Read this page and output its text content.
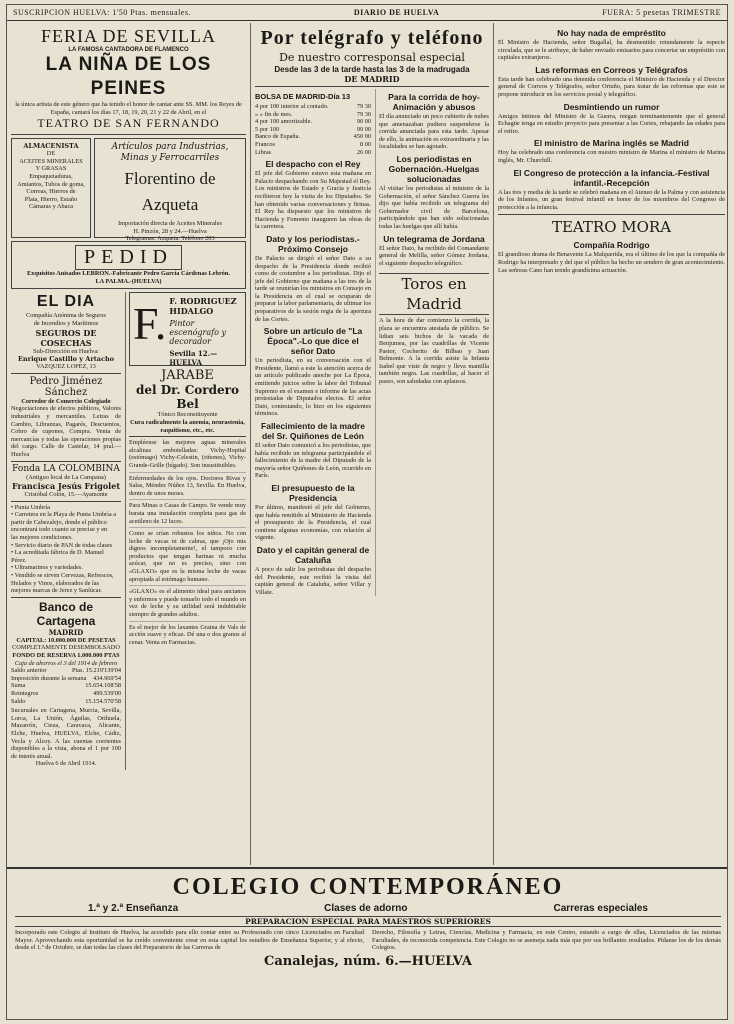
SUSCRIPCION HUELVA: 1'50 Ptas. mensuales.	DIARIO DE HUELVA	FUERA: 5 pesetas TRIMESTRE
FERIA DE SEVILLA
LA FAMOSA CANTADORA DE FLAMENCO
LA NIÑA DE LOS PEINES
la única artista de este género que ha tenido el honor de cantar ante SS. MM. los Reyes de España, cantará los días 17, 18, 19, 20, 21 y 22 de Abril, en el
TEATRO DE SAN FERNANDO
ALMACENISTA
DE
ACEITES MINERALES
Y GRASAS
Empaquetaduras,
Amiantos, Tubos de goma,
Correas, Hierros de
Plata, Hierro, Estaño
Cámaras y Abaca
Artículos para Industrias, Minas y Ferrocarriles
Florentino de Azqueta
Importación directa de Aceites Minerales
H. Pinzón, 28 y 24.—Huelva
Telegramas: Azqueta. Teléfono 203
PEDID
Exquisitos Anisados LEBRON.-Fabricante Pedro García Cárdenas Lebrón.
LA PALMA.-(HUELVA)
EL DIA
Compañía Anónima de Seguros
de Incendios y Marítimos
SEGUROS DE COSECHAS
Sub-Dirección en Huelva:
Enrique Castillo y Artacho
VAZQUEZ LOPEZ, 13
Pedro Jiménez Sánchez
Corredor de Comercio Colegiado
Negociaciones de efectos públicos, Valores industriales y mercantiles. Letras de Cambio, Libranzas, Pagarés, Descuentos, Cobro de cupones, Compra. Venta de mercancías y todas las operaciones propias del cargo. Calle de Castelar, 14 pral.—Huelva
Fonda LA COLOMBINA
(Antiguo local de La Campana)
Francisca Jesús Frigolet
Cristóbal Colón, 15.—Ayamonte
• Punta Umbría
• Carretera en la Playa de Punta Umbría a
partir de Cabezalejo, donde el público
encontrará todo cuanto se precise y en
las mejores condiciones.
• Servicio diario de PAN de todas clases
• La acreditada fábrica de D. Manuel
Pérez.
• Ultramarinos y variedades.
• Vendido se sirven Cervezas, Refrescos,
Helados y Vinos, elaborados de las
mejores marcas de Jerez y Sanlúcar.
Banco de Cartagena
MADRID
CAPITAL: 10.000.000 DE PESETAS
COMPLETAMENTE DESEMBOLSADO
FONDO DE RESERVA 1.000.000 PTAS
Caja de ahorros el 3 del 1914 de febrero
Saldo anterior	Ptas. 15.219'139'04
Imposición durante la semana 434.969'54
Suma	15.654.108'58
Reintegros	499.539'00
Saldo	15.154.570'58
Sucursales en Cartagena, Murcia, Sevilla, Lorca, La Unión, Águilas, Orihuela, Mazarrón, Cieza, Caravaca, Alicante, Elche, Huelva, HUELVA, Elche, Cádiz, Vecla y Alcoy. A las cuentas corrientes disponibles a la vista, abona el 1 por 100 de interés anual.
Huelva 6 de Abril 1914.
F. F. RODRIGUEZ HIDALGO
Pintor escenógrafo y decorador
Sevilla 12.—HUELVA
JARABE
del Dr. Cordero Bel
Tónico Reconstituyente
Cura radicalmente la anemia, neurastenia, raquitismo, etc., etc.
Empléense las mejores aguas minerales alcalinas embotelladas: Vichy-Hopital (estómago) Vichy-Celestin, (riñones), Vichy-Grande-Grille (hígado). Son insustituibles.
Enfermedades de los ojos. Doctores Rivas y Salas, Méndez Núñez 13, Sevilla. En Huelva, dentro de unos meses.
Para Minas o Casas de Campo. Se vende muy barata una instalación completa para gas de acetileno de 12 luces.
Como se crían robustos los niños. No con leche de vacas ni de cabras, que ¡Ojo mis dignos incompletamente!, el tampoco con productos que tengan harinas ni mucha azúcar, que no es preciso, sino con «GLAXO» que es la misma leche de vacas apropiada al estómago humano.
«GLAXO» es el alimento ideal para ancianos y enfermos y puede tomarlo todo el mundo en vez de leche y su utilidad será indubitable siempre de grandes adultos.
Es el mejor de los laxantes Graina de Vals de acción suave y eficaz. Dé una o dos granos al cenar. Venta en Farmacias.
Por telégrafo y teléfono
De nuestro corresponsal especial
Desde las 3 de la tarde hasta las 3 de la madrugada
DE MADRID
BOLSA DE MADRID-Día 13
4 por 100 interior al contado.	79 30
» » fin de mes.	79 30
4 por 100 amortizable.	90 00
5 por 100	99 00
Banco de España.	450 00
Francos	8 00
Libras	26 00
El despacho con el Rey
El jefe del Gobierno estuvo esta mañana en Palacio despachando con Su Majestad el Rey. Los ministros de Estado y Gracia y Justicia recibieron hoy la visita de los Diputados. Se han obtenido varias conversaciones y firmas. El Rey ha dispuesto que los ministros de Hacienda y Fomento inauguren las obras de la carretera.
Dato y los periodistas.-Próximo Consejo
De Palacio se dirigió el señor Dato a su despacho de la Presidencia donde recibió como de costumbre a los periodistas. Dijo el jefe del Gobierno que mañana a las tres de la tarde se reunirían los ministros en Consejo en la Presidencia en el cual se ocuparán de preparar la labor parlamentaria, de ultimar los preparativos de la sesión regia de la apertura de las Cortes.
Sobre un artículo de "La Época".-Lo que dice el señor Dato
Un periodista, en su conversación con el Presidente, llamó a este la atención acerca de un artículo publicado anoche por La Época, emitiendo juicios sobre la labor del Tribunal Supremo en el examen e informe de las actas protestadas de Diputados electos. El señor Dato, contestando, lo hizo en los siguientes términos.
Fallecimiento de la madre del Sr. Quiñones de León
El señor Dato comunicó a los periodistas, que había recibido un telegrama participándole el fallecimiento de la madre del Diputado de la mayoría señor Quiñones de León, ocurrido en París.
El presupuesto de la Presidencia
Por último, manifestó el jefe del Gobierno, que había remitido al Ministerio de Hacienda el presupuesto de la Presidencia, el cual contiene algunas economías, con relación al vigente.
Dato y el capitán general de Cataluña
A poco de salir los periodistas del despacho del Presidente, este recibió la visita del capitán general de Cataluña, señor Villar y Villate.
Para la corrida de hoy-Animación y abusos
El día anunciado un poco cubierto de nubes que amenazaban pudiera suspenderse la corrida anunciada para esta tarde. Apesar de ello, la animación es extraordinaria y las localidades se han agotado.
Los periodistas en Gobernación.-Huelgas solucionadas
Al visitar los periodistas al ministro de la Gobernación, el señor Sánchez Guerra les dijo que había recibido un telegrama del Gobernador civil de Barcelona, participándole que han sido solucionadas todas las huelgas que allí había.
Un telegrama de Jordana
El señor Dato, ha recibido del Comandante general de Melilla, señor Gómez Jordana, el siguiente despacho telegráfico.
Toros en Madrid
A la hora de dar comienzo la corrida, la plaza se encuentra atestada de público. Se lidian seis bichos de la vacada de Benjumea, por las cuadrillas de Vicente Pastor, Cocherito de Bilbao y Juan Belmonte. A la corrida asiste la Infanta Isabel que viste de negro y lleva mantilla también negra. Las cuadrillas, al hacer el paseo, son saludadas con aplausos.
No hay nada de empréstito
El Ministro de Hacienda, señor Bugallal, ha desmentido rotundamente la especie circulada, que se le atribuye, de haber enviado emisarios para concertar un empréstito con capitales extranjeros.
Las reformas en Correos y Telégrafos
Esta tarde han celebrado una detenida conferencia el Ministro de Hacienda y el Director general de Correos y Telégrafos, señor Ortuño, para tratar de las reformas que este se propone introducir en los servicios postal y telegráfico.
Desmintiendo un rumor
Amigos íntimos del Ministro de la Guerra, niegan terminantemente que el general Echagüe tenga en estudio proyecto para presentar a las Cortes, rebajando las edades para el retiro.
El ministro de Marina inglés se Madrid
Hoy ha celebrado una conferencia con nuestro ministro de Marina el ministro de Marina inglés, Mr. Churchill.
El Congreso de protección a la infancia.-Festival infantil.-Recepción
A las tres y media de la tarde se celebró mañana en el Ateneo de la Palma y con asistencia de los Infantes, un gran festival infantil en honor de los miembros del Congreso de protección a la infancia.
TEATRO MORA
Compañía Rodrigo
El grandioso drama de Benavente La Malquerida, era el último de los que la compañía de Rodrigo ha interpretado y del que el público ha hecho un sendero de gran acontecimiento. Las señoras Cano han tenido grandísima actuación.
COLEGIO CONTEMPORÁNEO
1.ª y 2.ª Enseñanza	Clases de adorno	Carreras especiales
PREPARACION ESPECIAL PARA MAESTROS SUPERIORES
Incorporado este Colegio al Instituto de Huelva, ha accedido para ello contar entre su Profesorado con cinco Licenciados en Facultad Mayor. Aprovechando esta oportunidad se ha creído conveniente crear en esta capital los estudios de Enseñanza Superior, y al efecto, desde el 1.º de Octubre, se dan todas las clases del Preparatorio de las Carreras de
Derecho, Filosofía y Letras, Ciencias, Medicina y Farmacia, en este Centro, estando a cargo de ellas, Licenciados de las mismas Facultades, de reconocida competencia. Este Colegio no se asemeja nada más que por sus brillantes resultados. Pídanse los de los demás Colegios.
Canalejas, núm. 6.—HUELVA
